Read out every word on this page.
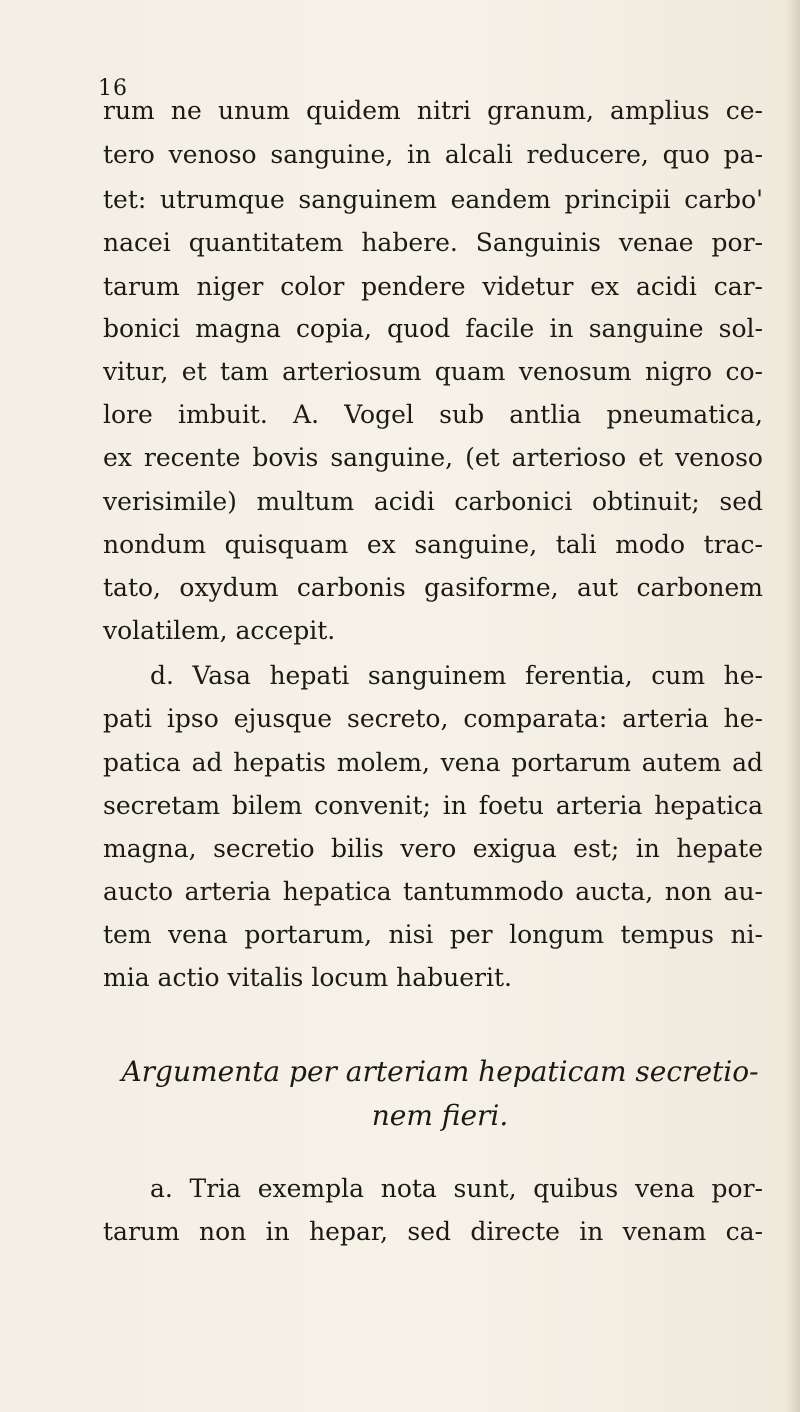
16
rum ne unum quidem nitri granum, amplius ce-
tero venoso sanguine, in alcali reducere, quo pa-
tet: utrumque sanguinem eandem principii carbo'
nacei quantitatem habere. Sanguinis venae por-
tarum niger color pendere videtur ex acidi car-
bonici magna copia, quod facile in sanguine sol-
vitur, et tam arteriosum quam venosum nigro co-
lore imbuit. A. Vogel sub antlia pneumatica,
ex recente bovis sanguine, (et arterioso et venoso
verisimile) multum acidi carbonici obtinuit; sed
nondum quisquam ex sanguine, tali modo trac-
tato, oxydum carbonis gasiforme, aut carbonem
volatilem, accepit.
d. Vasa hepati sanguinem ferentia, cum he-
pati ipso ejusque secreto, comparata: arteria he-
patica ad hepatis molem, vena portarum autem ad
secretam bilem convenit; in foetu arteria hepatica
magna, secretio bilis vero exigua est; in hepate
aucto arteria hepatica tantummodo aucta, non au-
tem vena portarum, nisi per longum tempus ni-
mia actio vitalis locum habuerit.
Argumenta per arteriam hepaticam secretio-
nem fieri.
a. Tria exempla nota sunt, quibus vena por-
tarum non in hepar, sed directe in venam ca-
